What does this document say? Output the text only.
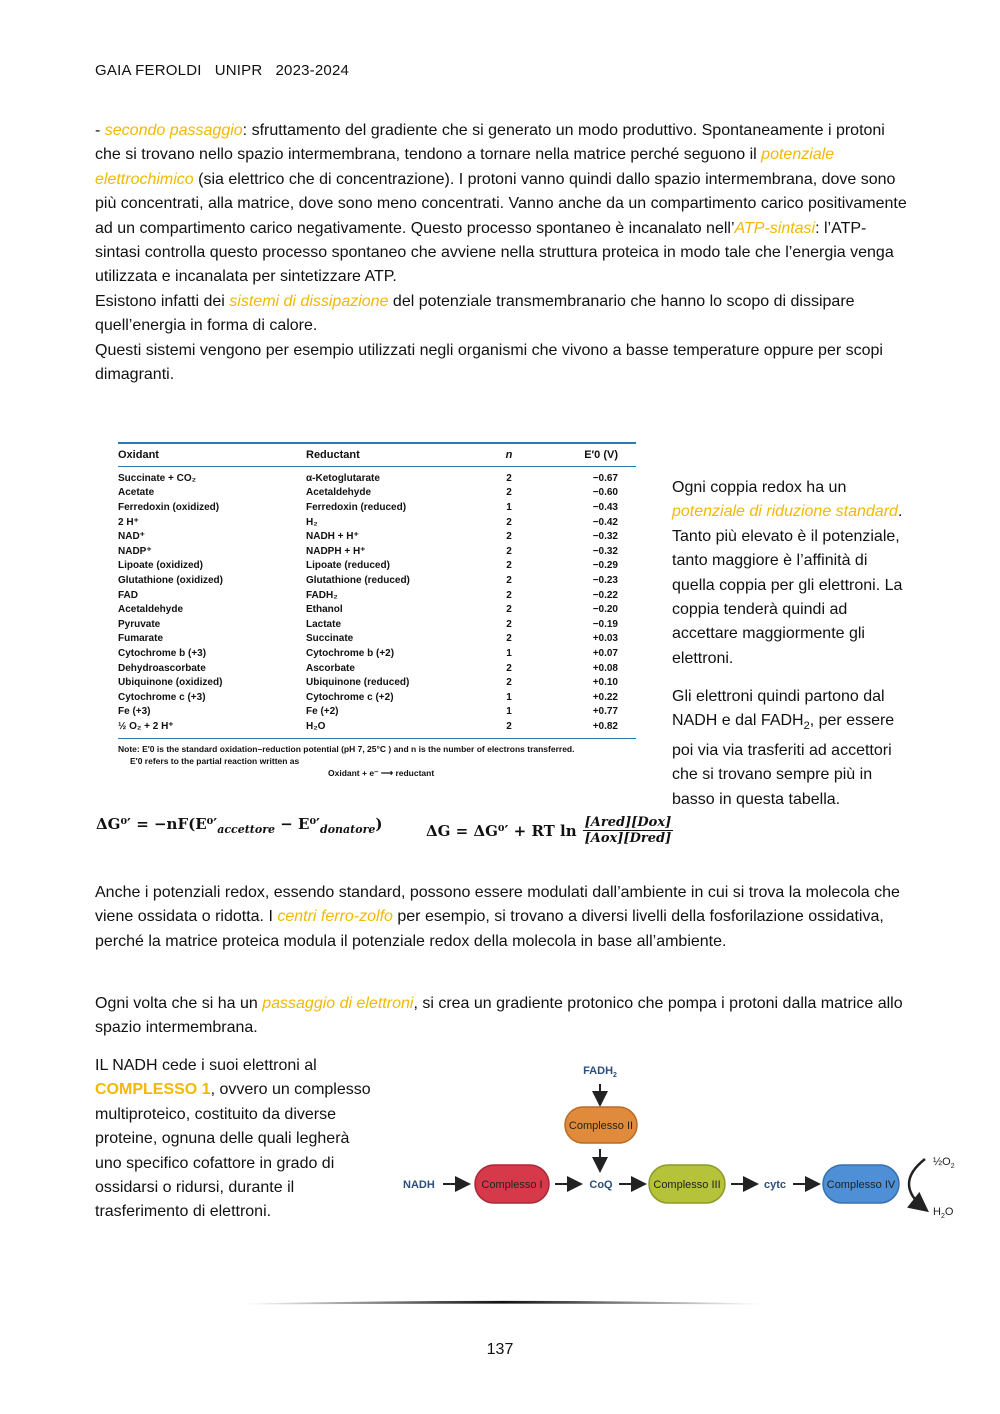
GAIA FEROLDI UNIPR 2023-2024
- secondo passaggio: sfruttamento del gradiente che si generato un modo produttivo. Spontaneamente i protoni che si trovano nello spazio intermembrana, tendono a tornare nella matrice perché seguono il potenziale elettrochimico (sia elettrico che di concentrazione). I protoni vanno quindi dallo spazio intermembrana, dove sono più concentrati, alla matrice, dove sono meno concentrati. Vanno anche da un compartimento carico positivamente ad un compartimento carico negativamente. Questo processo spontaneo è incanalato nell’ATP-sintasi: l’ATP-sintasi controlla questo processo spontaneo che avviene nella struttura proteica in modo tale che l’energia venga utilizzata e incanalata per sintetizzare ATP.
Esistono infatti dei sistemi di dissipazione del potenziale transmembranario che hanno lo scopo di dissipare quell’energia in forma di calore.
Questi sistemi vengono per esempio utilizzati negli organismi che vivono a basse temperature oppure per scopi dimagranti.
Oxidant	Reductant	n	E′0 (V)
Succinate + CO₂	α-Ketoglutarate	2	−0.67
Acetate	Acetaldehyde	2	−0.60
Ferredoxin (oxidized)	Ferredoxin (reduced)	1	−0.43
2 H⁺	H₂	2	−0.42
NAD⁺	NADH + H⁺	2	−0.32
NADP⁺	NADPH + H⁺	2	−0.32
Lipoate (oxidized)	Lipoate (reduced)	2	−0.29
Glutathione (oxidized)	Glutathione (reduced)	2	−0.23
FAD	FADH₂	2	−0.22
Acetaldehyde	Ethanol	2	−0.20
Pyruvate	Lactate	2	−0.19
Fumarate	Succinate	2	+0.03
Cytochrome b (+3)	Cytochrome b (+2)	1	+0.07
Dehydroascorbate	Ascorbate	2	+0.08
Ubiquinone (oxidized)	Ubiquinone (reduced)	2	+0.10
Cytochrome c (+3)	Cytochrome c (+2)	1	+0.22
Fe (+3)	Fe (+2)	1	+0.77
½ O₂ + 2 H⁺	H₂O	2	+0.82
Note: E′0 is the standard oxidation–reduction potential (pH 7, 25°C ) and n is the number of electrons transferred.
E′0 refers to the partial reaction written as
Oxidant + e⁻ ⟶ reductant
$\Delta G^0' = -nF(E^0'_{accettore} - E^0'_{donatore})$	ΔG = ΔG⁰′ + RT ln [Ared][Dox]
[Aox][Dred]
Ogni coppia redox ha un potenziale di riduzione standard. Tanto più elevato è il potenziale, tanto maggiore è l’affinità di quella coppia per gli elettroni. La coppia tenderà quindi ad accettare maggiormente gli elettroni.
Gli elettroni quindi partono dal NADH e dal $FADH_2$, per essere poi via via trasferiti ad accettori che si trovano sempre più in basso in questa tabella.
Anche i potenziali redox, essendo standard, possono essere modulati dall’ambiente in cui si trova la molecola che viene ossidata o ridotta. I centri ferro-zolfo per esempio, si trovano a diversi livelli della fosforilazione ossidativa, perché la matrice proteica modula il potenziale redox della molecola in base all’ambiente.
Ogni volta che si ha un passaggio di elettroni, si crea un gradiente protonico che pompa i protoni dalla matrice allo spazio intermembrana.
IL NADH cede i suoi elettroni al COMPLESSO 1, ovvero un complesso multiproteico, costituito da diverse proteine, ognuna delle quali legherà uno specifico cofattore in grado di ossidarsi o ridursi, durante il trasferimento di elettroni.
$FADH_2$
Complesso II
NADH	Complesso I	CoQ	Complesso III	cytc	Complesso IV
$\frac{1}{2}O_2$
$H_2O$
137
